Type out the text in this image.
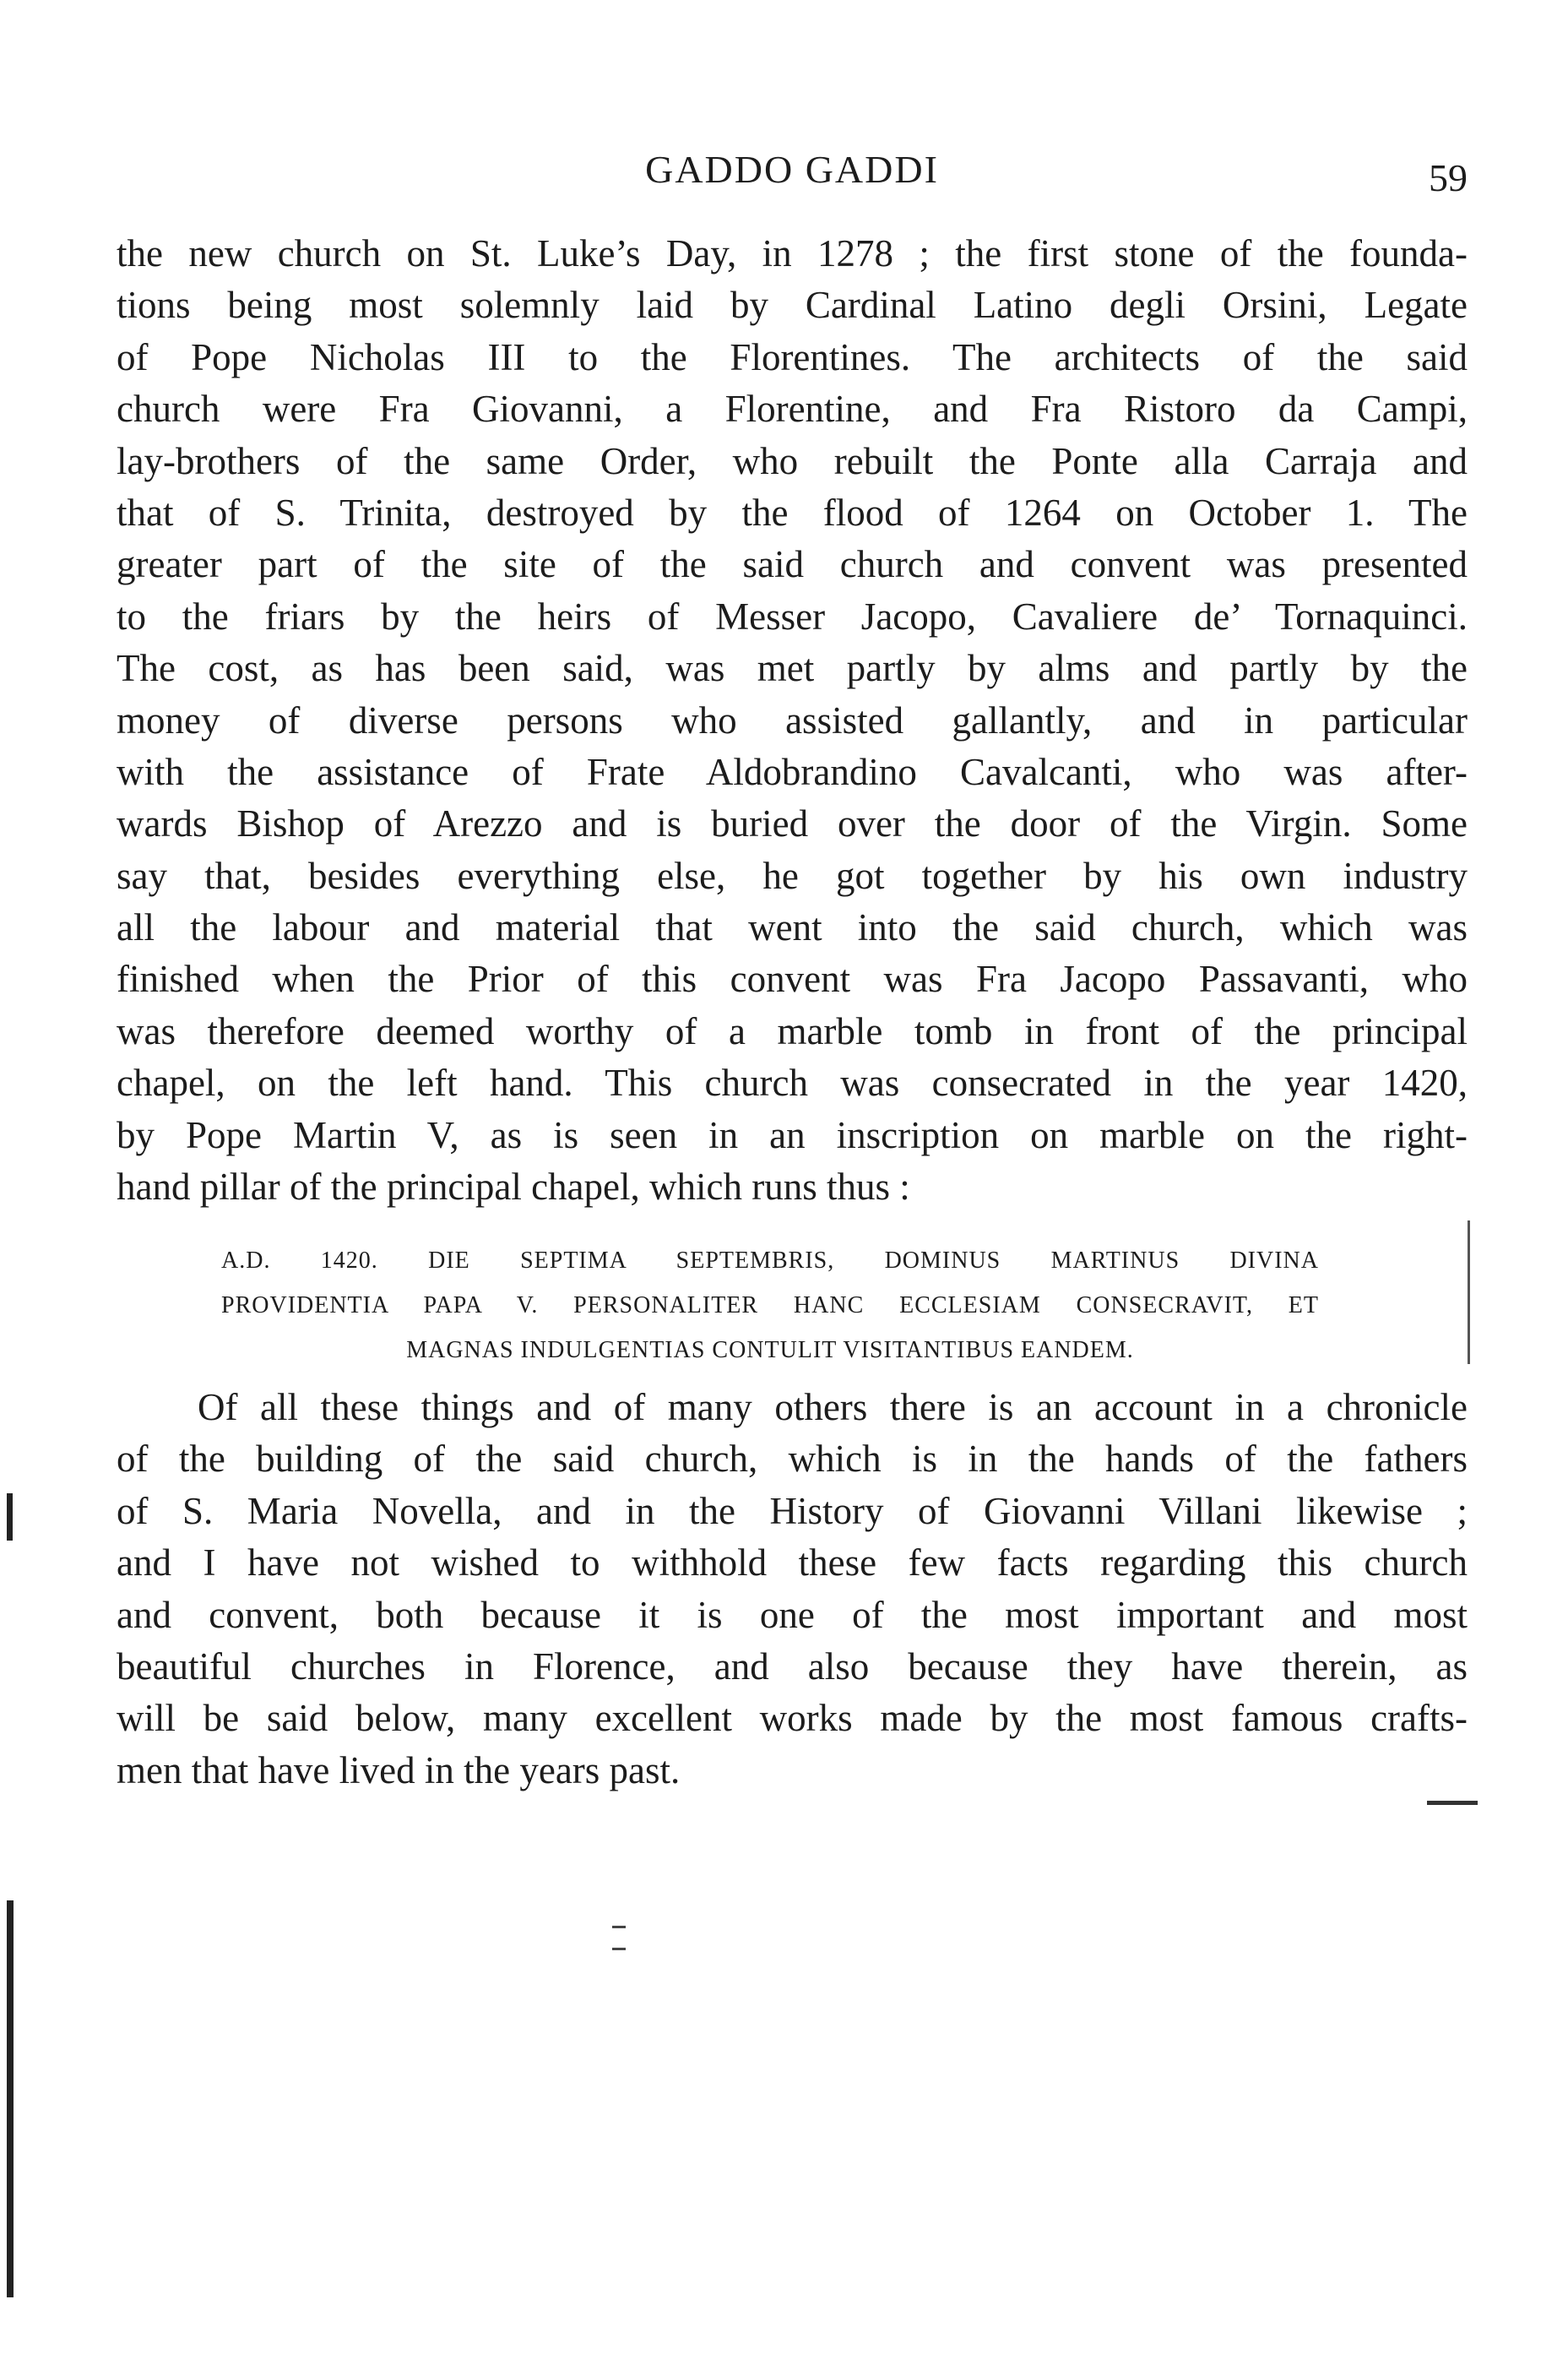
GADDO GADDI	59
the new church on St. Luke’s Day, in 1278 ; the first stone of the founda-
tions being most solemnly laid by Cardinal Latino degli Orsini, Legate
of Pope Nicholas III to the Florentines. The architects of the said
church were Fra Giovanni, a Florentine, and Fra Ristoro da Campi,
lay-brothers of the same Order, who rebuilt the Ponte alla Carraja and
that of S. Trinita, destroyed by the flood of 1264 on October 1. The
greater part of the site of the said church and convent was presented
to the friars by the heirs of Messer Jacopo, Cavaliere de’ Tornaquinci.
The cost, as has been said, was met partly by alms and partly by the
money of diverse persons who assisted gallantly, and in particular
with the assistance of Frate Aldobrandino Cavalcanti, who was after-
wards Bishop of Arezzo and is buried over the door of the Virgin. Some
say that, besides everything else, he got together by his own industry
all the labour and material that went into the said church, which was
finished when the Prior of this convent was Fra Jacopo Passavanti, who
was therefore deemed worthy of a marble tomb in front of the principal
chapel, on the left hand. This church was consecrated in the year 1420,
by Pope Martin V, as is seen in an inscription on marble on the right-
hand pillar of the principal chapel, which runs thus :
A.D. 1420. DIE SEPTIMA SEPTEMBRIS, DOMINUS MARTINUS DIVINA
PROVIDENTIA PAPA V. PERSONALITER HANC ECCLESIAM CONSECRAVIT, ET
MAGNAS INDULGENTIAS CONTULIT VISITANTIBUS EANDEM.
Of all these things and of many others there is an account in a chronicle
of the building of the said church, which is in the hands of the fathers
of S. Maria Novella, and in the History of Giovanni Villani likewise ;
and I have not wished to withhold these few facts regarding this church
and convent, both because it is one of the most important and most
beautiful churches in Florence, and also because they have therein, as
will be said below, many excellent works made by the most famous crafts-
men that have lived in the years past.
